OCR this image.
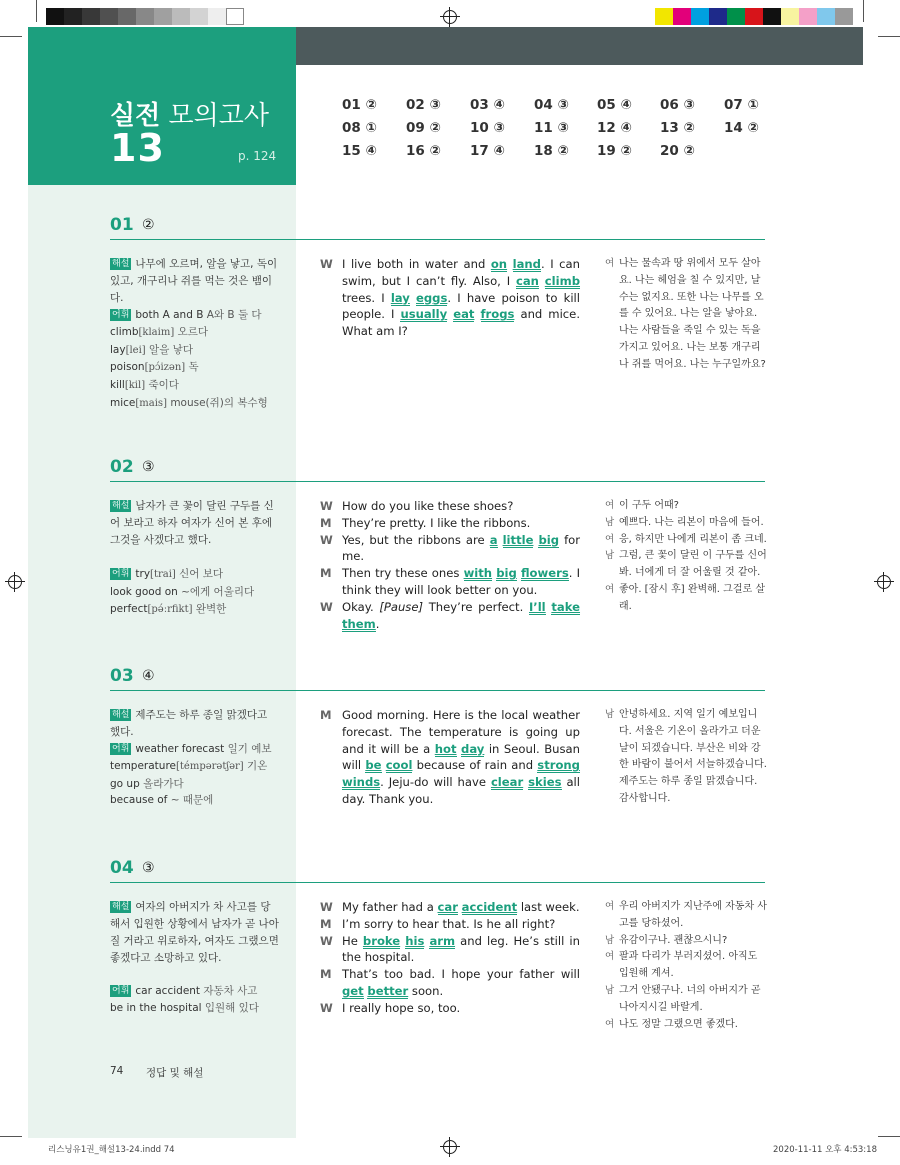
실전 모의고사
13	p. 124
01 ② 02 ③ 03 ④ 04 ③ 05 ④ 06 ③ 07 ①
08 ① 09 ② 10 ③ 11 ③ 12 ④ 13 ② 14 ②
15 ④ 16 ② 17 ④ 18 ② 19 ② 20 ②
74 정답 및 해설
리스닝유1권_해설13-24.indd 74	2020-11-11 오후 4:53:18
01 ②
해설 나무에 오르며, 알을 낳고, 독이 있고, 개구리나 쥐를 먹는 것은 뱀이다.
어휘 both A and B A와 B 둘 다
climb[klaim] 오르다
lay[lei] 알을 낳다
poison[pɔ́izən] 독
kill[kil] 죽이다
mice[mais] mouse(쥐)의 복수형
W I live both in water and on land. I can swim, but I can’t fly. Also, I can climb trees. I lay eggs. I have poison to kill people. I usually eat frogs and mice. What am I?
여 나는 물속과 땅 위에서 모두 살아요. 나는 헤엄을 칠 수 있지만, 날 수는 없지요. 또한 나는 나무를 오를 수 있어요. 나는 알을 낳아요. 나는 사람들을 죽일 수 있는 독을 가지고 있어요. 나는 보통 개구리나 쥐를 먹어요. 나는 누구일까요?
02 ③
해설 남자가 큰 꽃이 달린 구두를 신어 보라고 하자 여자가 신어 본 후에 그것을 사겠다고 했다.
어휘 try[trai] 신어 보다
look good on ~에게 어울리다
perfect[pə́ːrfikt] 완벽한
W How do you like these shoes?
M They’re pretty. I like the ribbons.
W Yes, but the ribbons are a little big for me.
M Then try these ones with big flowers. I think they will look better on you.
W Okay. [Pause] They’re perfect. I’ll take them.
여 이 구두 어때?
남 예쁘다. 나는 리본이 마음에 들어.
여 응, 하지만 나에게 리본이 좀 크네.
남 그럼, 큰 꽃이 달린 이 구두를 신어 봐. 너에게 더 잘 어울릴 것 같아.
여 좋아. [잠시 후] 완벽해. 그걸로 살래.
03 ④
해설 제주도는 하루 종일 맑겠다고 했다.
어휘 weather forecast 일기 예보
temperature[témpərətʃər] 기온
go up 올라가다
because of ~ 때문에
M Good morning. Here is the local weather forecast. The temperature is going up and it will be a hot day in Seoul. Busan will be cool because of rain and strong winds. Jeju-do will have clear skies all day. Thank you.
남 안녕하세요. 지역 일기 예보입니다. 서울은 기온이 올라가고 더운 날이 되겠습니다. 부산은 비와 강한 바람이 불어서 서늘하겠습니다. 제주도는 하루 종일 맑겠습니다. 감사합니다.
04 ③
해설 여자의 아버지가 차 사고를 당해서 입원한 상황에서 남자가 곧 나아질 거라고 위로하자, 여자도 그랬으면 좋겠다고 소망하고 있다.
어휘 car accident 자동차 사고
be in the hospital 입원해 있다
W My father had a car accident last week.
M I’m sorry to hear that. Is he all right?
W He broke his arm and leg. He’s still in the hospital.
M That’s too bad. I hope your father will get better soon.
W I really hope so, too.
여 우리 아버지가 지난주에 자동차 사고를 당하셨어.
남 유감이구나. 괜찮으시니?
여 팔과 다리가 부러지셨어. 아직도 입원해 계셔.
남 그거 안됐구나. 너의 아버지가 곧 나아지시길 바랄게.
여 나도 정말 그랬으면 좋겠다.
